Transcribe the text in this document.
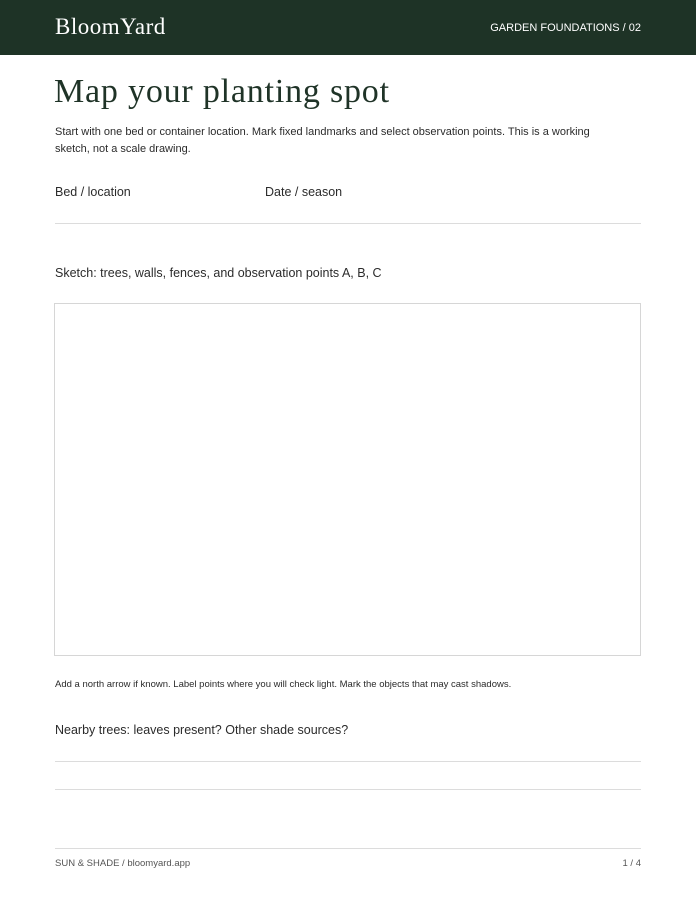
BloomYard	GARDEN FOUNDATIONS / 02
Map your planting spot

Start with one bed or container location. Mark fixed landmarks and select observation points. This is a working sketch, not a scale drawing.

Bed / location	Date / season
Sketch: trees, walls, fences, and observation points A, B, C
Add a north arrow if known. Label points where you will check light. Mark the objects that may cast shadows.
Nearby trees: leaves present? Other shade sources?
SUN & SHADE / bloomyard.app	1 / 4
